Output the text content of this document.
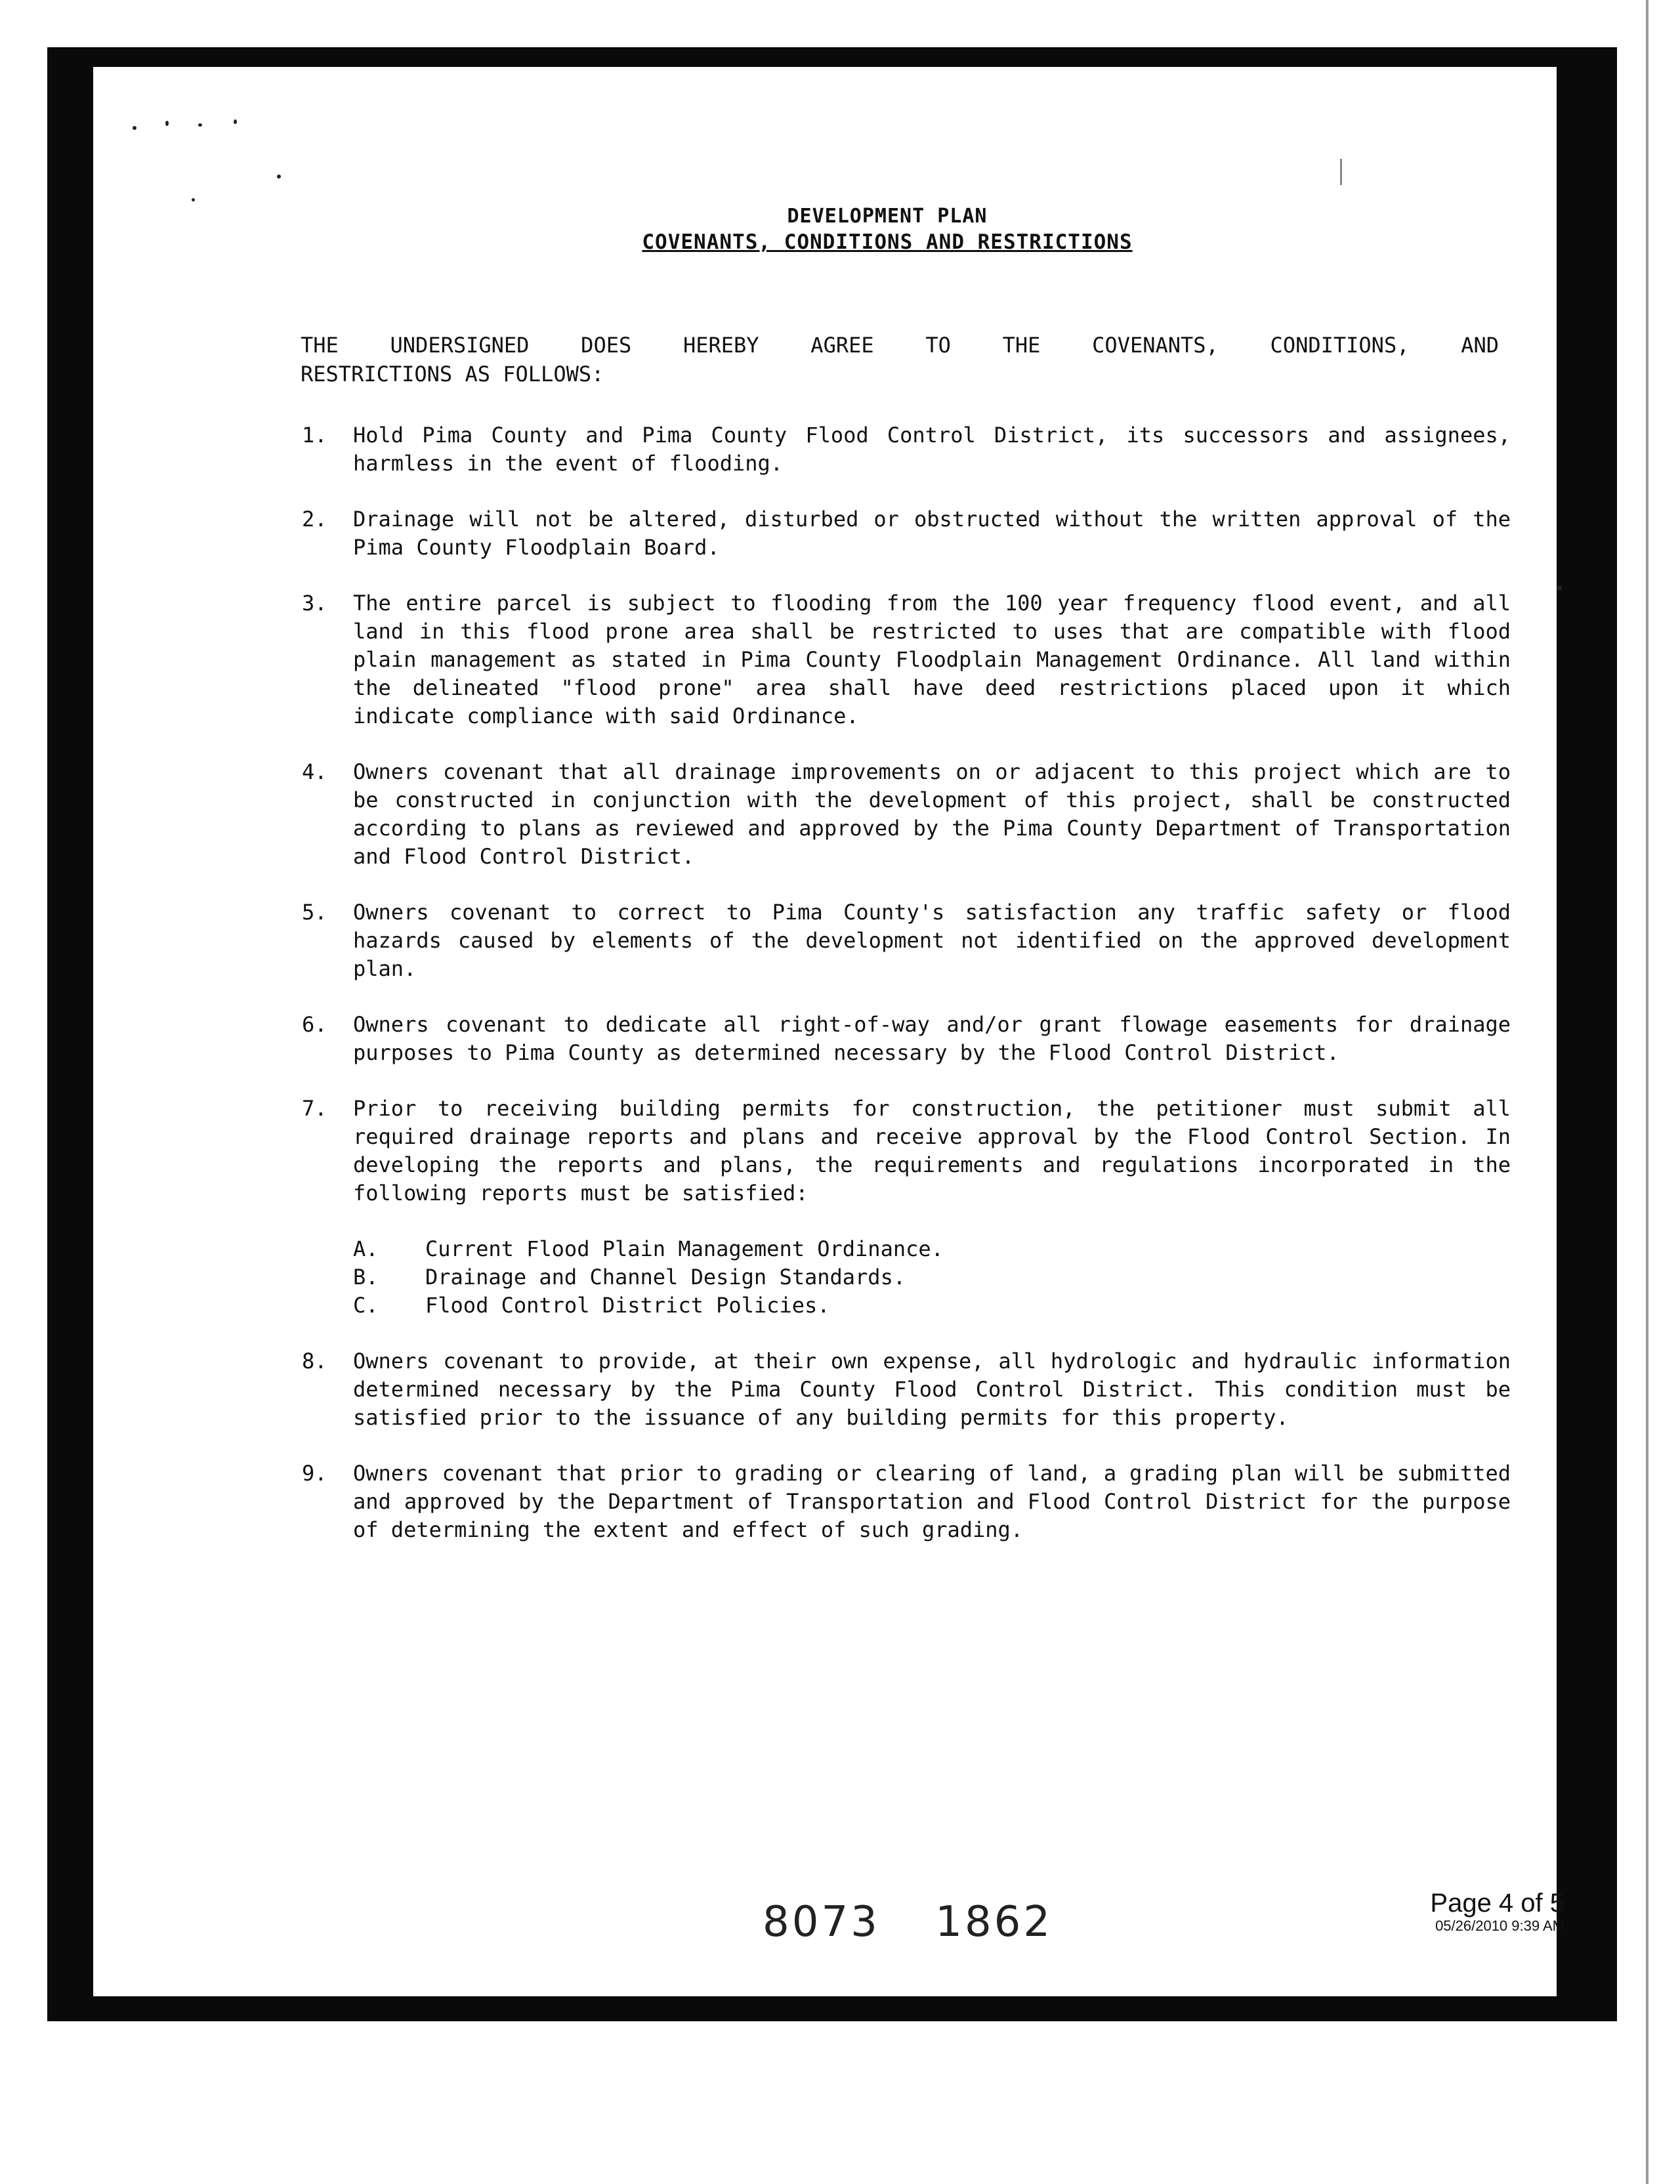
DEVELOPMENT PLAN
COVENANTS, CONDITIONS AND RESTRICTIONS
THE UNDERSIGNED DOES HEREBY AGREE TO THE COVENANTS, CONDITIONS, AND
RESTRICTIONS AS FOLLOWS:
1.	Hold Pima County and Pima County Flood Control District, its successors and assignees, harmless in the event of flooding.
2.	Drainage will not be altered, disturbed or obstructed without the written approval of the Pima County Floodplain Board.
3.	The entire parcel is subject to flooding from the 100 year frequency flood event, and all land in this flood prone area shall be restricted to uses that are compatible with flood plain management as stated in Pima County Floodplain Management Ordinance. All land within the delineated "flood prone" area shall have deed restrictions placed upon it which indicate compliance with said Ordinance.
4.	Owners covenant that all drainage improvements on or adjacent to this project which are to be constructed in conjunction with the development of this project, shall be constructed according to plans as reviewed and approved by the Pima County Department of Transportation and Flood Control District.
5.	Owners covenant to correct to Pima County's satisfaction any traffic safety or flood hazards caused by elements of the development not identified on the approved development plan.
6.	Owners covenant to dedicate all right-of-way and/or grant flowage easements for drainage purposes to Pima County as determined necessary by the Flood Control District.
7.	Prior to receiving building permits for construction, the petitioner must submit all required drainage reports and plans and receive approval by the Flood Control Section. In developing the reports and plans, the requirements and regulations incorporated in the following reports must be satisfied:
A.	Current Flood Plain Management Ordinance.
B.	Drainage and Channel Design Standards.
C.	Flood Control District Policies.
8.	Owners covenant to provide, at their own expense, all hydrologic and hydraulic information determined necessary by the Pima County Flood Control District. This condition must be satisfied prior to the issuance of any building permits for this property.
9.	Owners covenant that prior to grading or clearing of land, a grading plan will be submitted and approved by the Department of Transportation and Flood Control District for the purpose of determining the extent and effect of such grading.
8073 1862	Page 4 of 5
05/26/2010 9:39 AM
